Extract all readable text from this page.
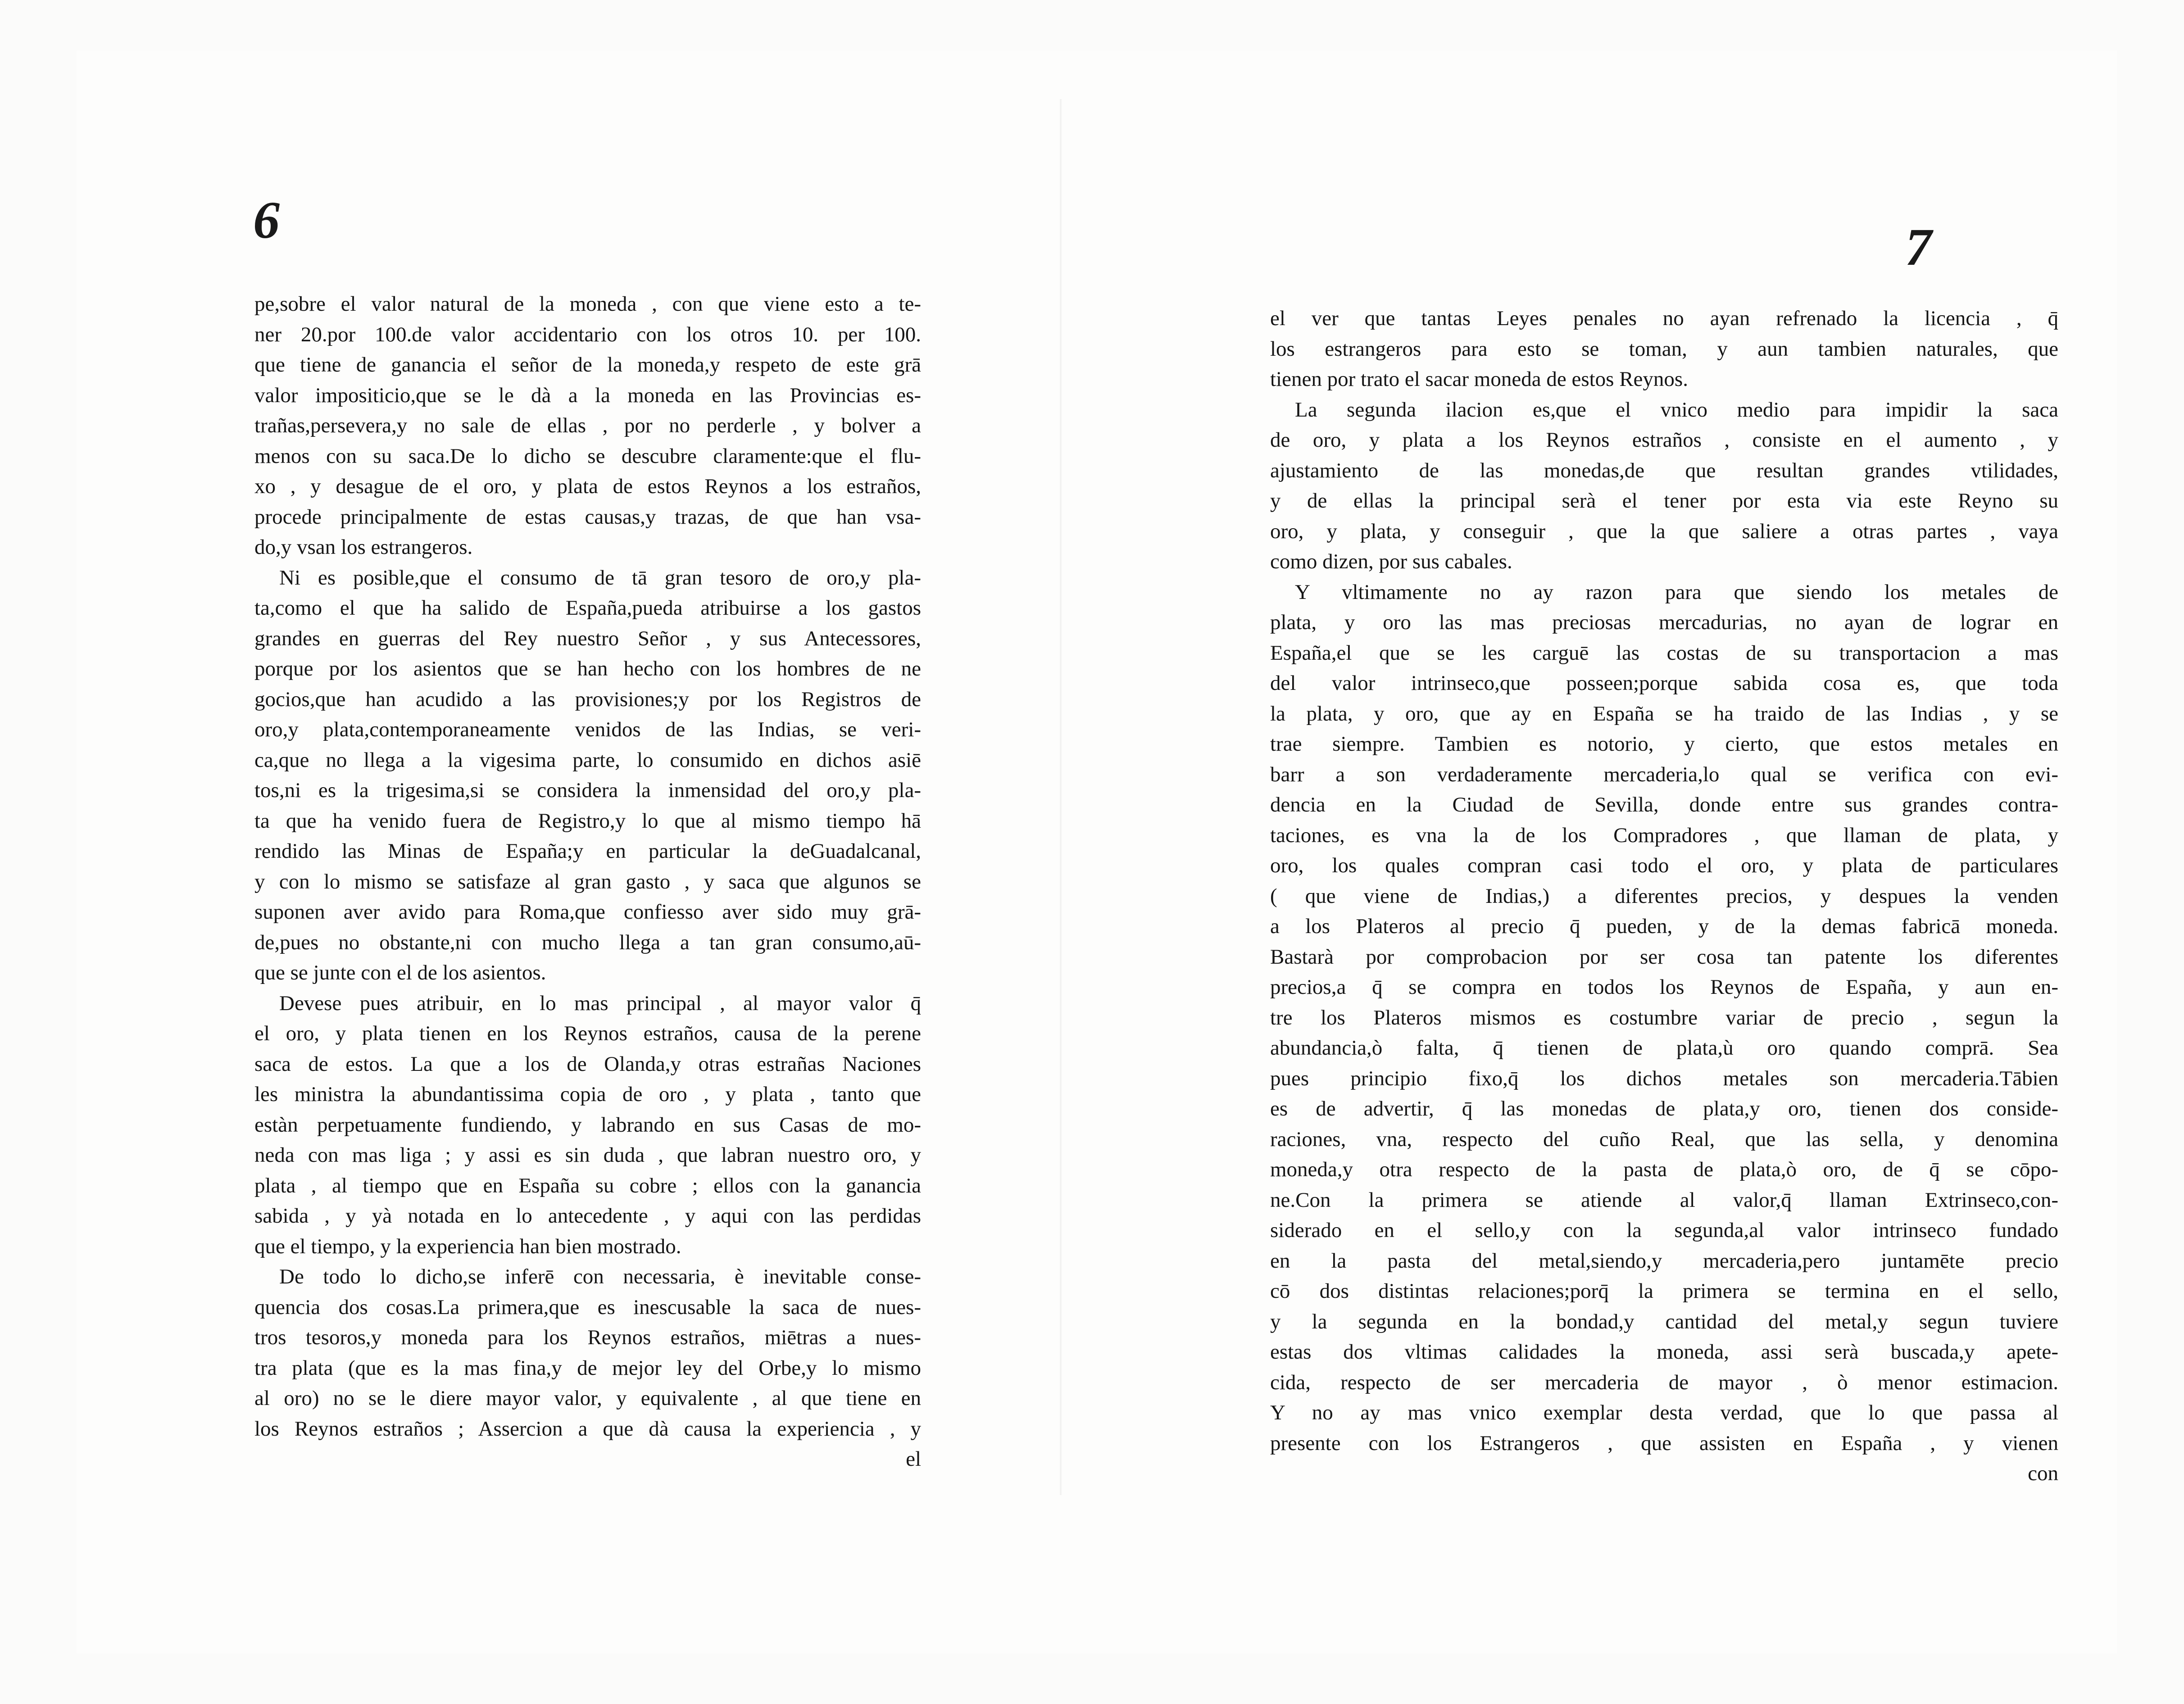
6
pe,sobre el valor natural de la moneda , con que viene esto a te-
ner 20.por 100.de valor accidentario con los otros 10. per 100.
que tiene de ganancia el señor de la moneda,y respeto de este grā
valor impositicio,que se le dà a la moneda en las Provincias es-
trañas,persevera,y no sale de ellas , por no perderle , y bolver a
menos con su saca.De lo dicho se descubre claramente:que el flu-
xo , y desague de el oro, y plata de estos Reynos a los estraños,
procede principalmente de estas causas,y trazas, de que han vsa-
do,y vsan los estrangeros.
Ni es posible,que el consumo de tā gran tesoro de oro,y pla-
ta,como el que ha salido de España,pueda atribuirse a los gastos
grandes en guerras del Rey nuestro Señor , y sus Antecessores,
porque por los asientos que se han hecho con los hombres de ne
gocios,que han acudido a las provisiones;y por los Registros de
oro,y plata,contemporaneamente venidos de las Indias, se veri-
ca,que no llega a la vigesima parte, lo consumido en dichos asiē
tos,ni es la trigesima,si se considera la inmensidad del oro,y pla-
ta que ha venido fuera de Registro,y lo que al mismo tiempo hā
rendido las Minas de España;y en particular la deGuadalcanal,
y con lo mismo se satisfaze al gran gasto , y saca que algunos se
suponen aver avido para Roma,que confiesso aver sido muy grā-
de,pues no obstante,ni con mucho llega a tan gran consumo,aū-
que se junte con el de los asientos.
Devese pues atribuir, en lo mas principal , al mayor valor q̄
el oro, y plata tienen en los Reynos estraños, causa de la perene
saca de estos. La que a los de Olanda,y otras estrañas Naciones
les ministra la abundantissima copia de oro , y plata , tanto que
estàn perpetuamente fundiendo, y labrando en sus Casas de mo-
neda con mas liga ; y assi es sin duda , que labran nuestro oro, y
plata , al tiempo que en España su cobre ; ellos con la ganancia
sabida , y yà notada en lo antecedente , y aqui con las perdidas
que el tiempo, y la experiencia han bien mostrado.
De todo lo dicho,se inferē con necessaria, è inevitable conse-
quencia dos cosas.La primera,que es inescusable la saca de nues-
tros tesoros,y moneda para los Reynos estraños, miētras a nues-
tra plata (que es la mas fina,y de mejor ley del Orbe,y lo mismo
al oro) no se le diere mayor valor, y equivalente , al que tiene en
los Reynos estraños ; Assercion a que dà causa la experiencia , y
el
7
el ver que tantas Leyes penales no ayan refrenado la licencia , q̄
los estrangeros para esto se toman, y aun tambien naturales, que
tienen por trato el sacar moneda de estos Reynos.
La segunda ilacion es,que el vnico medio para impidir la saca
de oro, y plata a los Reynos estraños , consiste en el aumento , y
ajustamiento de las monedas,de que resultan grandes vtilidades,
y de ellas la principal serà el tener por esta via este Reyno su
oro, y plata, y conseguir , que la que saliere a otras partes , vaya
como dizen, por sus cabales.
Y vltimamente no ay razon para que siendo los metales de
plata, y oro las mas preciosas mercadurias, no ayan de lograr en
España,el que se les carguē las costas de su transportacion a mas
del valor intrinseco,que posseen;porque sabida cosa es, que toda
la plata, y oro, que ay en España se ha traido de las Indias , y se
trae siempre. Tambien es notorio, y cierto, que estos metales en
barr a son verdaderamente mercaderia,lo qual se verifica con evi-
dencia en la Ciudad de Sevilla, donde entre sus grandes contra-
taciones, es vna la de los Compradores , que llaman de plata, y
oro, los quales compran casi todo el oro, y plata de particulares
( que viene de Indias,) a diferentes precios, y despues la venden
a los Plateros al precio q̄ pueden, y de la demas fabricā moneda.
Bastarà por comprobacion por ser cosa tan patente los diferentes
precios,a q̄ se compra en todos los Reynos de España, y aun en-
tre los Plateros mismos es costumbre variar de precio , segun la
abundancia,ò falta, q̄ tienen de plata,ù oro quando comprā. Sea
pues principio fixo,q̄ los dichos metales son mercaderia.Tābien
es de advertir, q̄ las monedas de plata,y oro, tienen dos conside-
raciones, vna, respecto del cuño Real, que las sella, y denomina
moneda,y otra respecto de la pasta de plata,ò oro, de q̄ se cōpo-
ne.Con la primera se atiende al valor,q̄ llaman Extrinseco,con-
siderado en el sello,y con la segunda,al valor intrinseco fundado
en la pasta del metal,siendo,y mercaderia,pero juntamēte precio
cō dos distintas relaciones;porq̄ la primera se termina en el sello,
y la segunda en la bondad,y cantidad del metal,y segun tuviere
estas dos vltimas calidades la moneda, assi serà buscada,y apete-
cida, respecto de ser mercaderia de mayor , ò menor estimacion.
Y no ay mas vnico exemplar desta verdad, que lo que passa al
presente con los Estrangeros , que assisten en España , y vienen
con
